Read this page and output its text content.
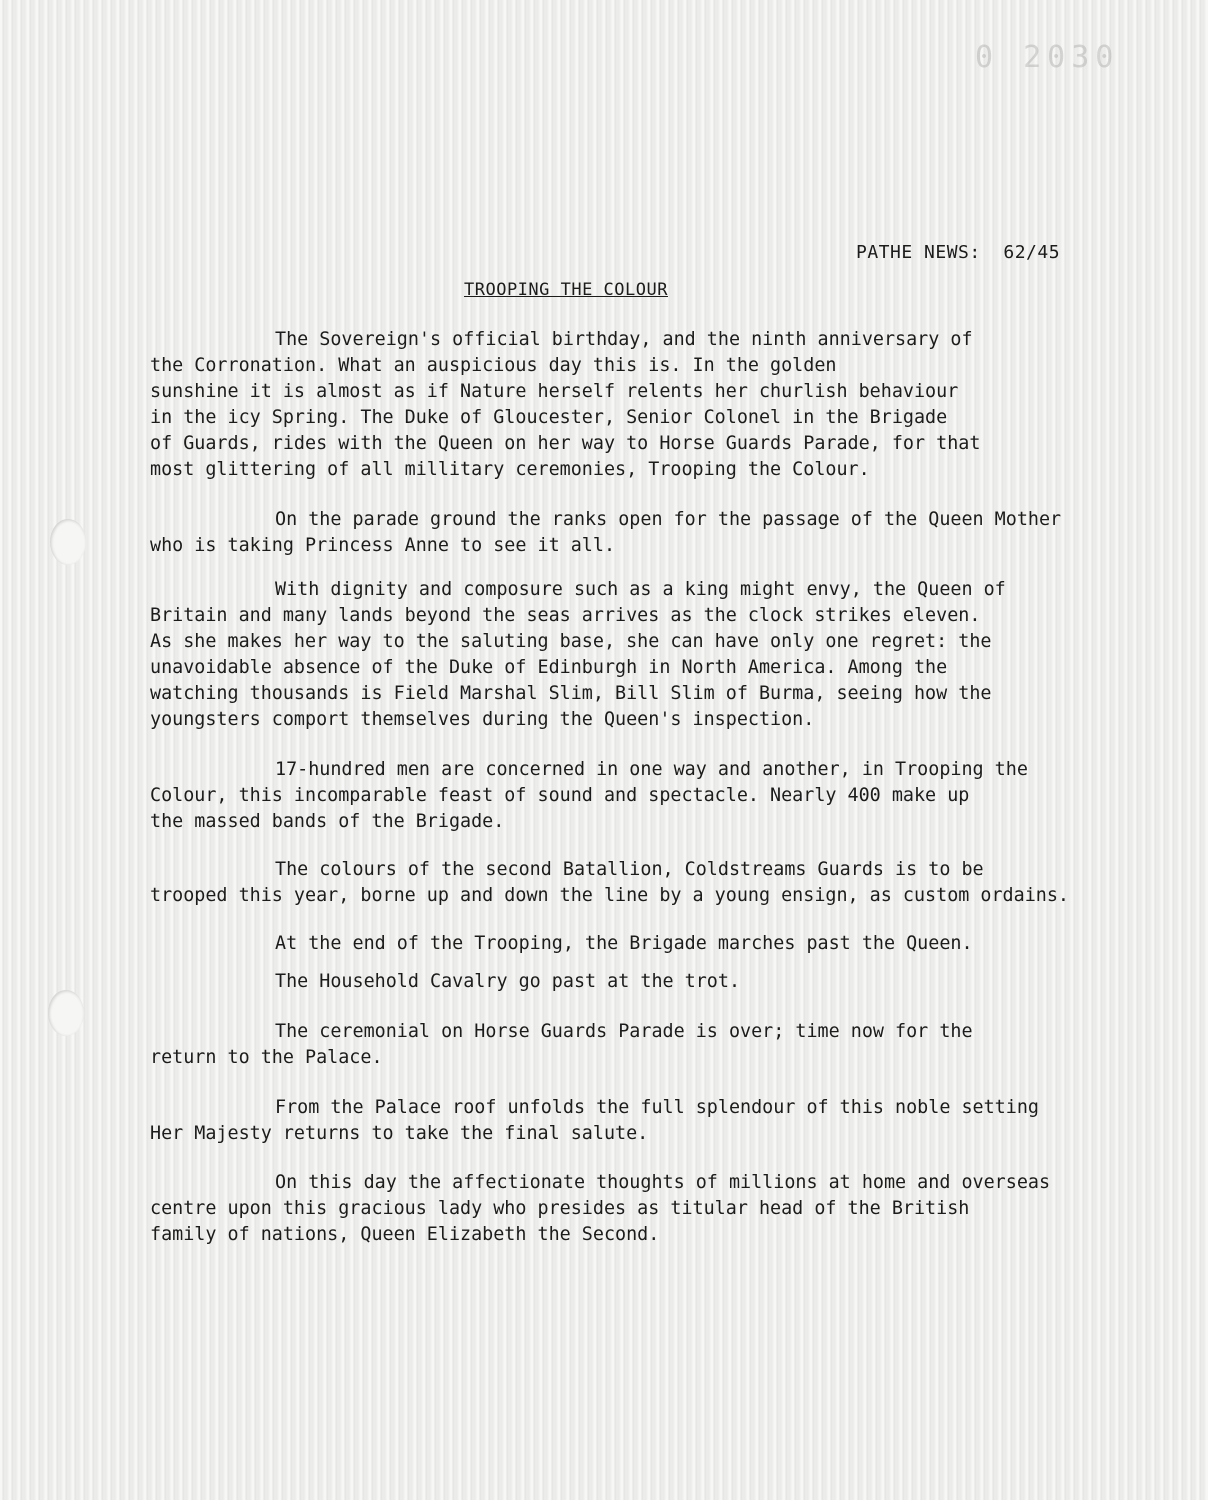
0 2030
PATHE NEWS:  62/45
TROOPING THE COLOUR

The Sovereign's official birthday, and the ninth anniversary of
the Corronation. What an auspicious day this is. In the golden
sunshine it is almost as if Nature herself relents her churlish behaviour
in the icy Spring. The Duke of Gloucester, Senior Colonel in the Brigade
of Guards, rides with the Queen on her way to Horse Guards Parade, for that
most glittering of all millitary ceremonies, Trooping the Colour.

On the parade ground the ranks open for the passage of the Queen Mother
who is taking Princess Anne to see it all.

With dignity and composure such as a king might envy, the Queen of
Britain and many lands beyond the seas arrives as the clock strikes eleven.
As she makes her way to the saluting base, she can have only one regret: the
unavoidable absence of the Duke of Edinburgh in North America. Among the
watching thousands is Field Marshal Slim, Bill Slim of Burma, seeing how the
youngsters comport themselves during the Queen's inspection.

17-hundred men are concerned in one way and another, in Trooping the
Colour, this incomparable feast of sound and spectacle. Nearly 400 make up
the massed bands of the Brigade.

The colours of the second Batallion, Coldstreams Guards is to be
trooped this year, borne up and down the line by a young ensign, as custom ordains.

At the end of the Trooping, the Brigade marches past the Queen.

The Household Cavalry go past at the trot.

The ceremonial on Horse Guards Parade is over; time now for the
return to the Palace.

From the Palace roof unfolds the full splendour of this noble setting
Her Majesty returns to take the final salute.

On this day the affectionate thoughts of millions at home and overseas
centre upon this gracious lady who presides as titular head of the British
family of nations, Queen Elizabeth the Second.
